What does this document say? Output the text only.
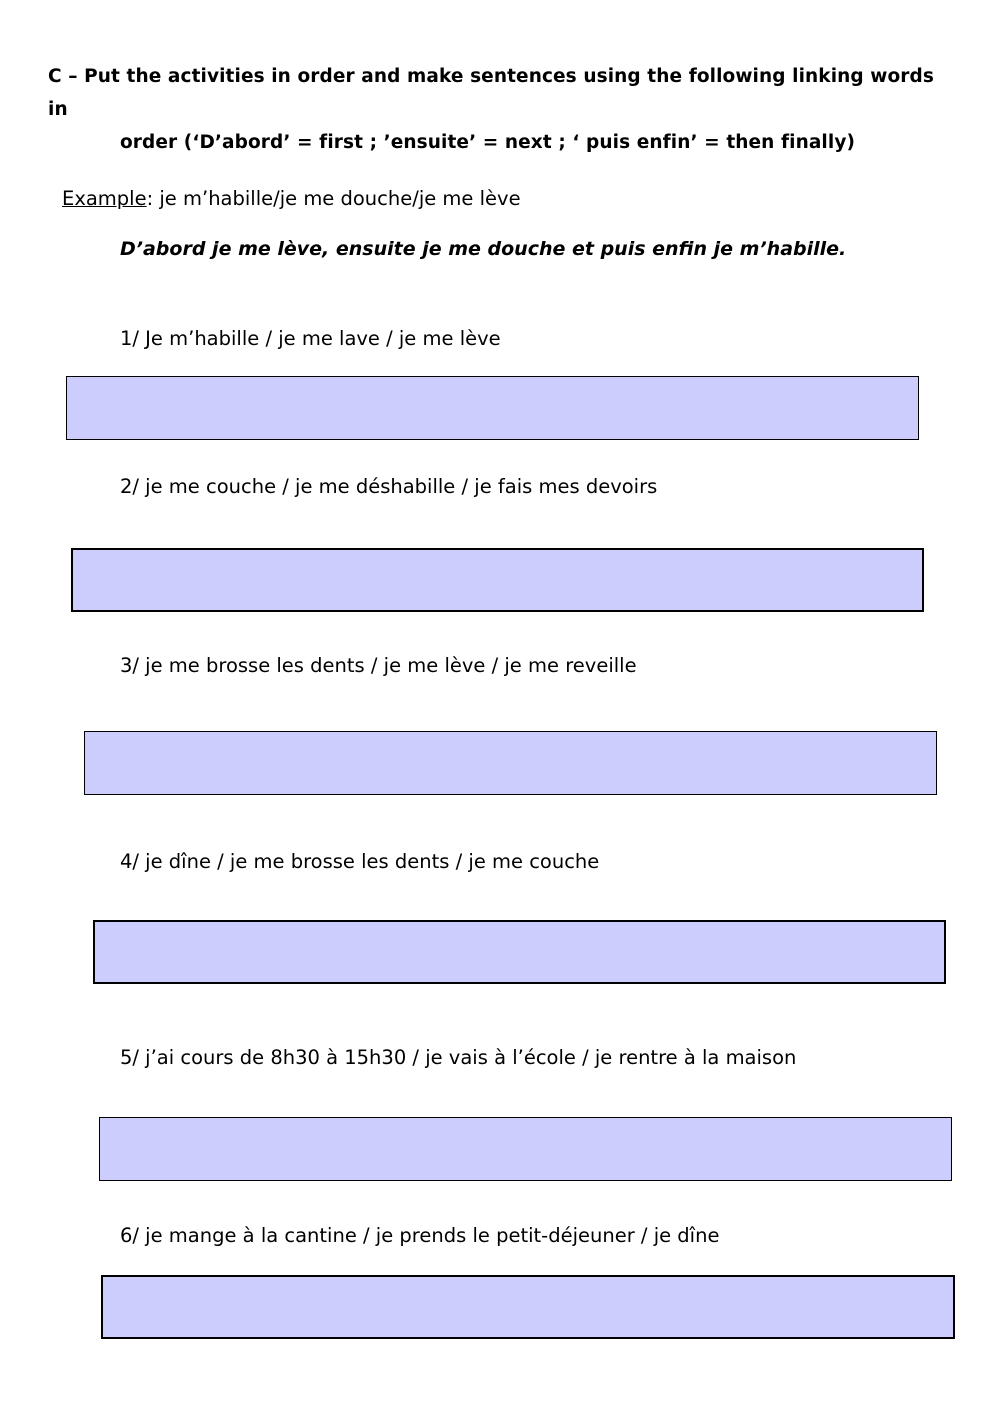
C – Put the activities in order and make sentences using the following linking words in
order (‘D’abord’ = first ; ’ensuite’ = next ; ‘ puis enfin’ = then finally)
Example: je m’habille/je me douche/je me lève
D’abord je me lève, ensuite je me douche et puis enfin je m’habille.
1/ Je m’habille / je me lave / je me lève
2/ je me couche / je me déshabille / je fais mes devoirs
3/ je me brosse les dents / je me lève / je me reveille
4/ je dîne / je me brosse les dents / je me couche
5/ j’ai cours de 8h30 à 15h30 / je vais à l’école / je rentre à la maison
6/ je mange à la cantine / je prends le petit-déjeuner / je dîne
